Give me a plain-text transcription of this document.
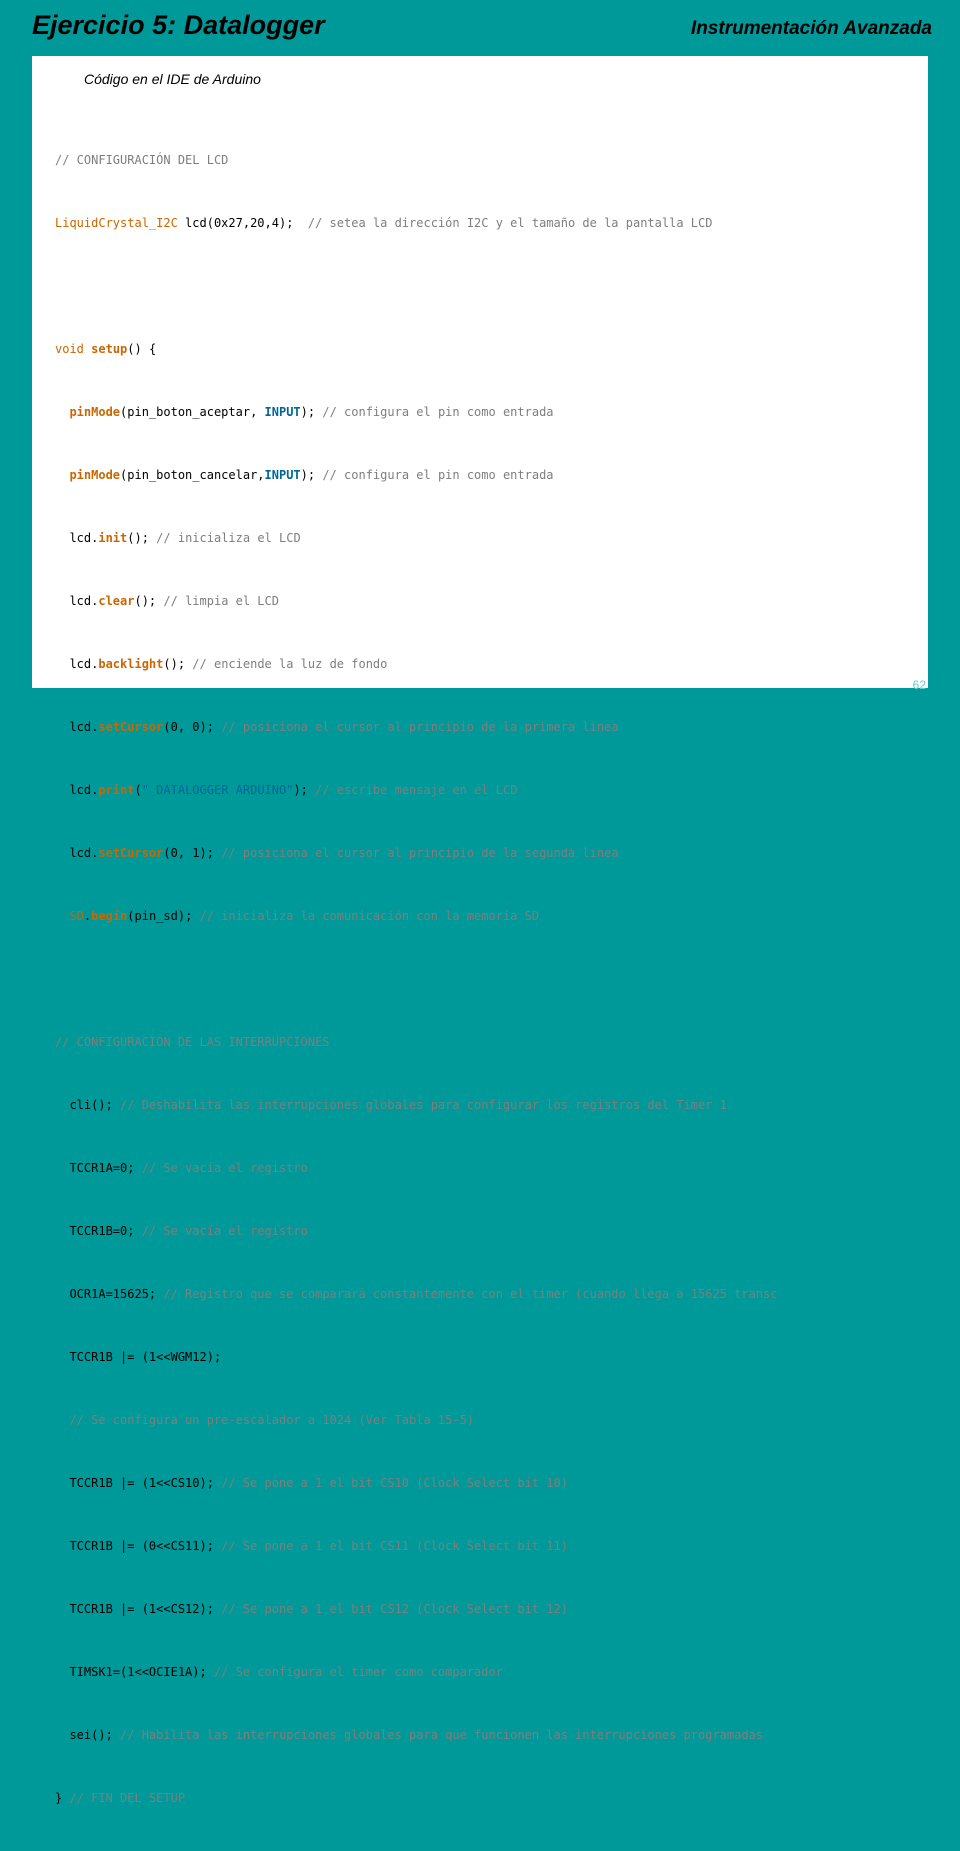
Ejercicio 5: Datalogger	Instrumentación Avanzada
Código en el IDE de Arduino

// CONFIGURACIÓN DEL LCD

LiquidCrystal_I2C lcd(0x27,20,4);  // setea la dirección I2C y el tamaño de la pantalla LCD

void setup() {

pinMode(pin_boton_aceptar, INPUT); // configura el pin como entrada

pinMode(pin_boton_cancelar,INPUT); // configura el pin como entrada

lcd.init(); // inicializa el LCD

lcd.clear(); // limpia el LCD

lcd.backlight(); // enciende la luz de fondo

lcd.setCursor(0, 0); // posiciona el cursor al principio de la primera linea

lcd.print(" DATALOGGER ARDUINO"); // escribe mensaje en el LCD

lcd.setCursor(0, 1); // posiciona el cursor al principio de la segunda linea

SD.begin(pin_sd); // inicializa la comunicación con la memoria SD

// CONFIGURACIÓN DE LAS INTERRUPCIONES

cli(); // Deshabilita las interrupciones globales para configurar los registros del Timer 1

TCCR1A=0; // Se vacía el registro

TCCR1B=0; // Se vacía el registro

OCR1A=15625; // Registro que se comparará constantemente con el timer (cuando llega a 15625 transc

TCCR1B |= (1<<WGM12);

// Se configura un pre-escalador a 1024 (Ver Tabla 15-5)

TCCR1B |= (1<<CS10); // Se pone a 1 el bit CS10 (Clock Select bit 10)

TCCR1B |= (0<<CS11); // Se pone a 1 el bit CS11 (Clock Select bit 11)

TCCR1B |= (1<<CS12); // Se pone a 1 el bit CS12 (Clock Select bit 12)

TIMSK1=(1<<OCIE1A); // Se configura el timer como comparador

sei(); // Habilita las interrupciones globales para que funcionen las interrupciones programadas

} // FIN DEL SETUP

62
